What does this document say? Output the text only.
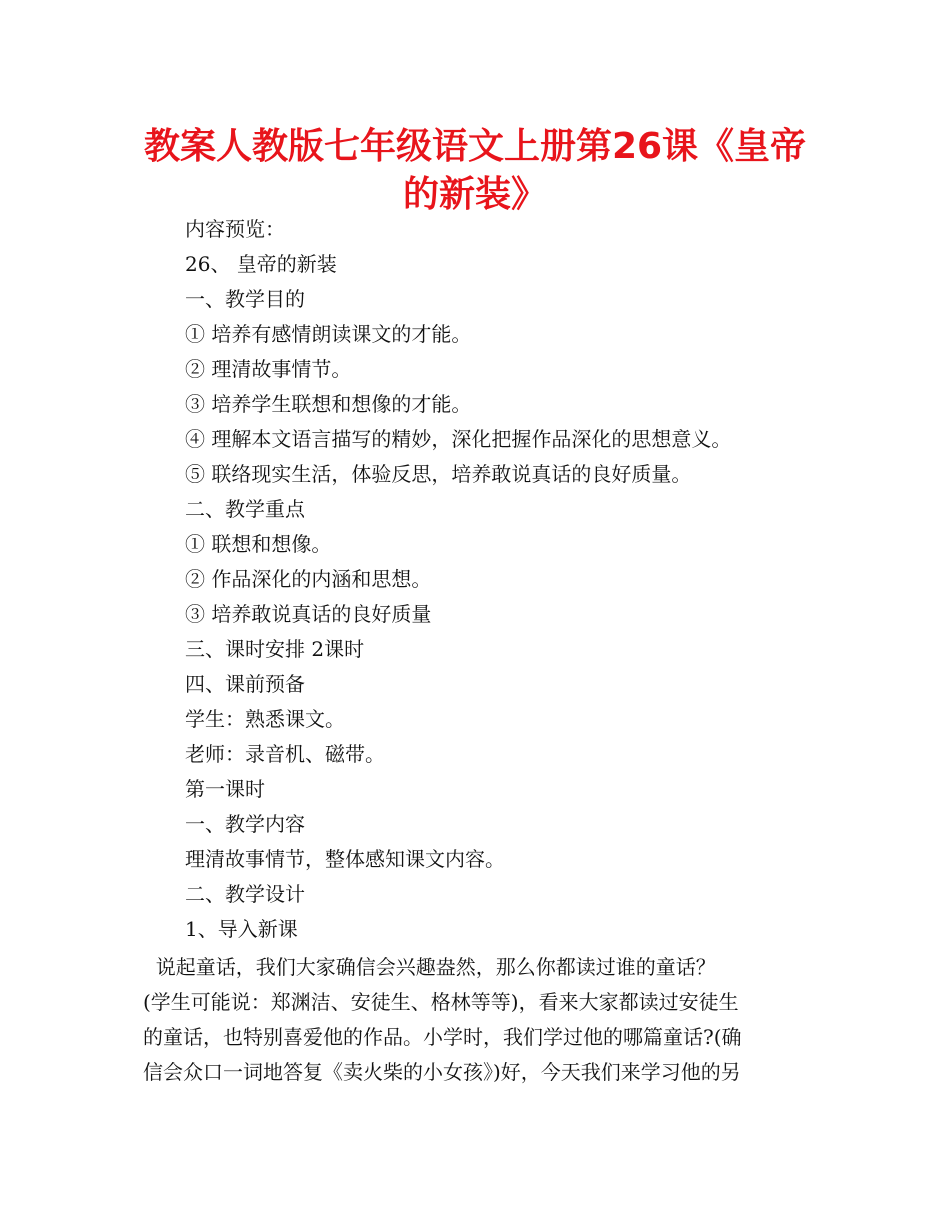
教案人教版七年级语文上册第26课《皇帝
的新装》
内容预览：
26、 皇帝的新装
一、教学目的
① 培养有感情朗读课文的才能。
② 理清故事情节。
③ 培养学生联想和想像的才能。
④ 理解本文语言描写的精妙，深化把握作品深化的思想意义。
⑤ 联络现实生活，体验反思，培养敢说真话的良好质量。
二、教学重点
① 联想和想像。
② 作品深化的内涵和思想。
③ 培养敢说真话的良好质量
三、课时安排 2课时
四、课前预备
学生：熟悉课文。
老师：录音机、磁带。
第一课时
一、教学内容
理清故事情节，整体感知课文内容。
二、教学设计
1、导入新课
说起童话，我们大家确信会兴趣盎然，那么你都读过谁的童话？
(学生可能说：郑渊洁、安徒生、格林等等)，看来大家都读过安徒生
的童话，也特别喜爱他的作品。小学时，我们学过他的哪篇童话?(确
信会众口一词地答复《卖火柴的小女孩》)好，今天我们来学习他的另
